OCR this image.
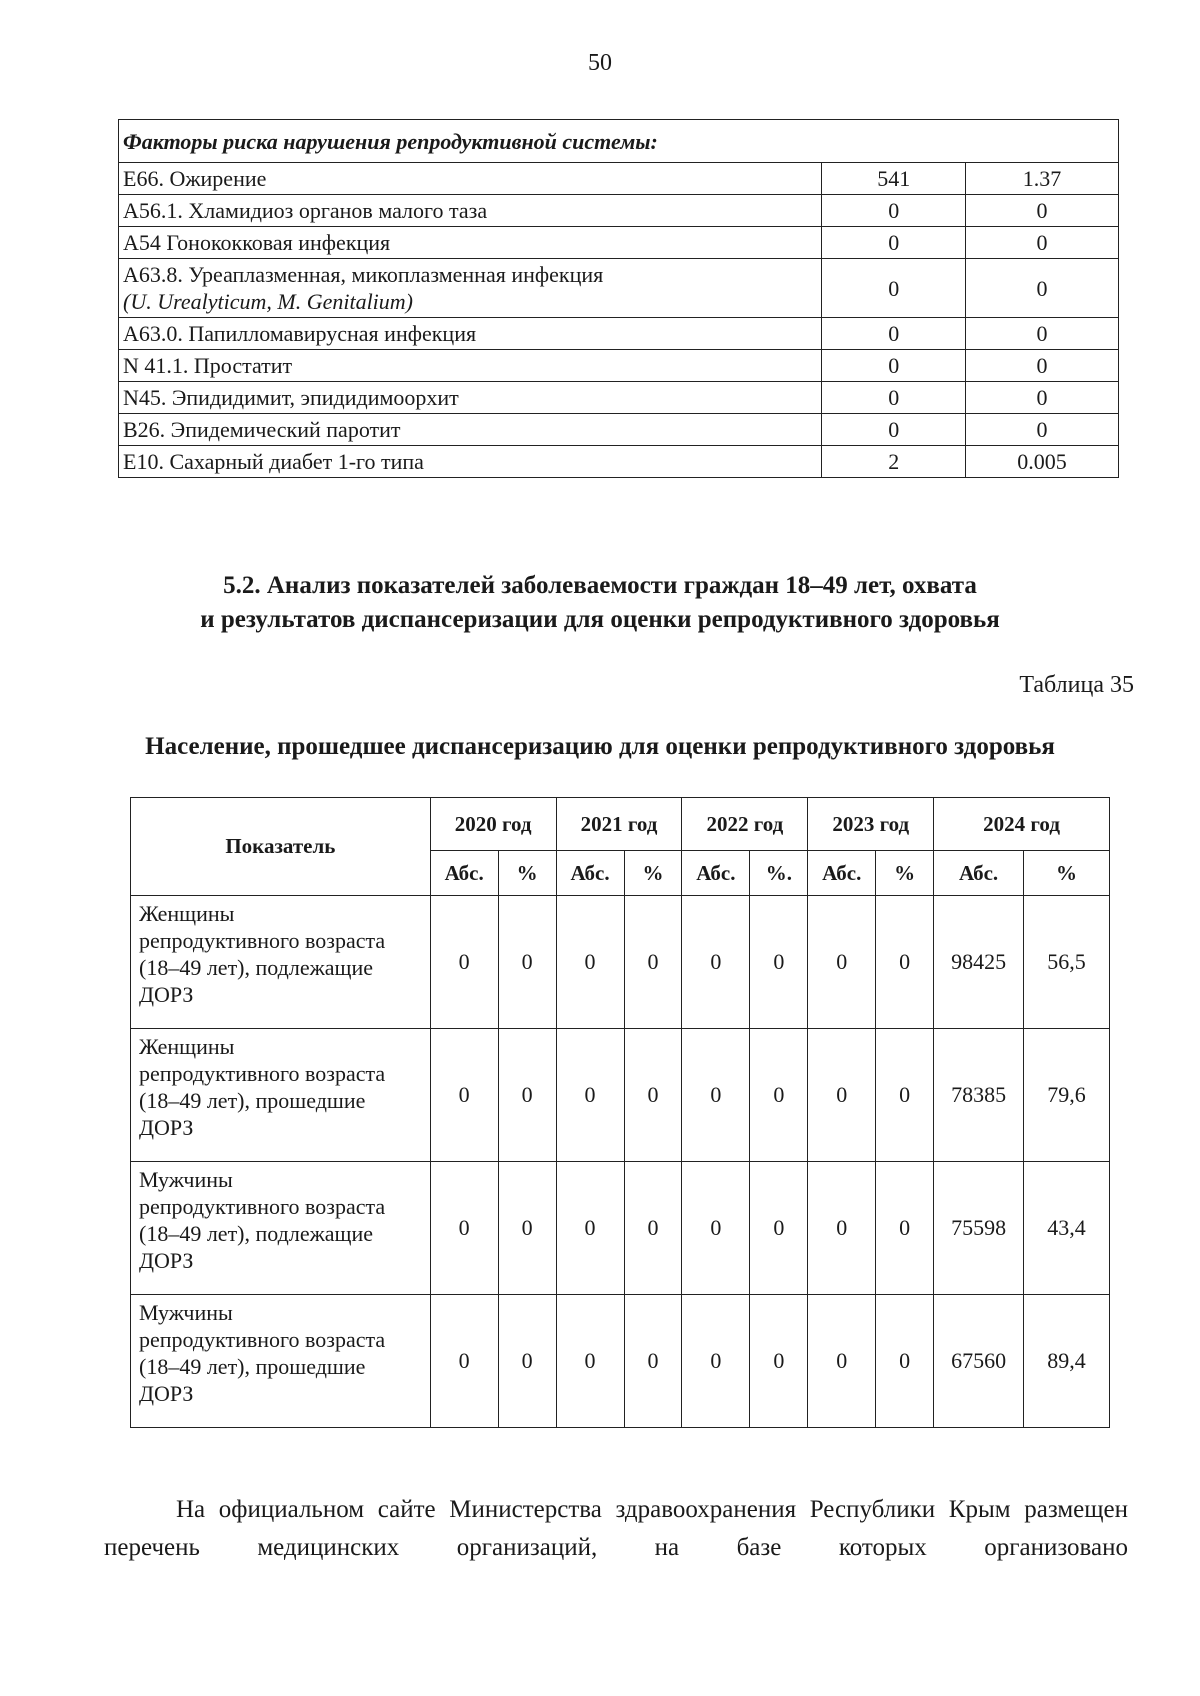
50
Факторы риска нарушения репродуктивной системы:		
Е66. Ожирение	541	1.37
А56.1. Хламидиоз органов малого таза	0	0
А54 Гонококковая инфекция	0	0
А63.8. Уреаплазменная, микоплазменная инфекция
(U. Urealyticum, M. Genitalium)	0	0
А63.0. Папилломавирусная инфекция	0	0
N 41.1. Простатит	0	0
N45. Эпидидимит, эпидидимоорхит	0	0
В26. Эпидемический паротит	0	0
Е10. Сахарный диабет 1-го типа	2	0.005
5.2. Анализ показателей заболеваемости граждан 18–49 лет, охвата
и результатов диспансеризации для оценки репродуктивного здоровья
Таблица 35
Население, прошедшее диспансеризацию для оценки репродуктивного здоровья
Показатель	2020 год		2021 год		2022 год		2023 год		2024 год	
	Абс.	%	Абс.	%	Абс.	%.	Абс.	%	Абс.	%

Женщины
репродуктивного возраста
(18–49 лет), подлежащие
ДОРЗ	0	0	0	0	0	0	0	0	98425	56,5

Женщины
репродуктивного возраста
(18–49 лет), прошедшие
ДОРЗ	0	0	0	0	0	0	0	0	78385	79,6

Мужчины
репродуктивного возраста
(18–49 лет), подлежащие
ДОРЗ	0	0	0	0	0	0	0	0	75598	43,4

Мужчины
репродуктивного возраста
(18–49 лет), прошедшие
ДОРЗ	0	0	0	0	0	0	0	0	67560	89,4
На официальном сайте Министерства здравоохранения Республики Крым размещен перечень медицинских организаций, на базе которых организовано
